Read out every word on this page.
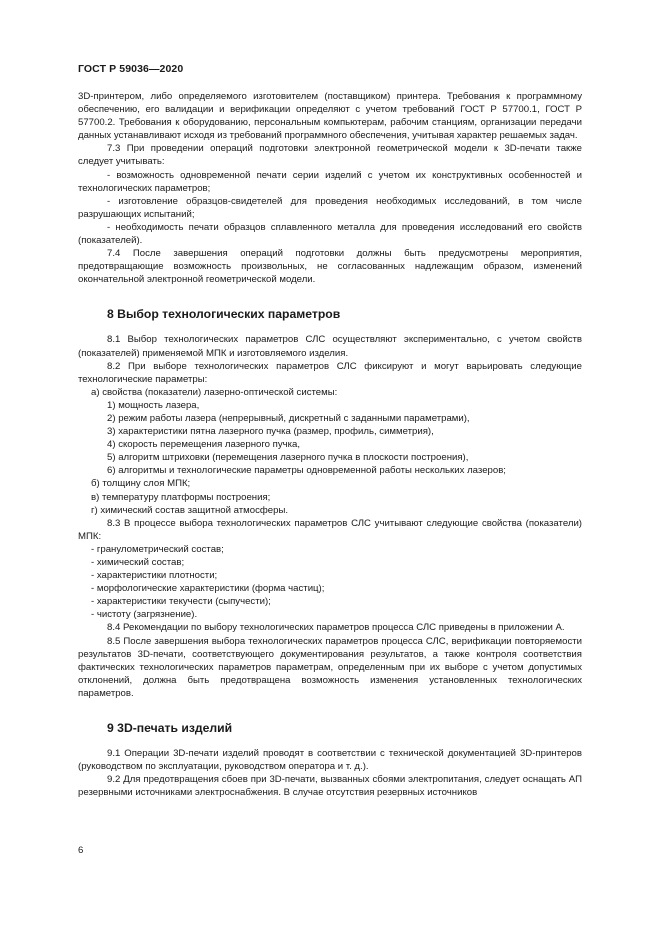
ГОСТ Р 59036—2020

3D-принтером, либо определяемого изготовителем (поставщиком) принтера. Требования к программному обеспечению, его валидации и верификации определяют с учетом требований ГОСТ Р 57700.1, ГОСТ Р 57700.2. Требования к оборудованию, персональным компьютерам, рабочим станциям, организации передачи данных устанавливают исходя из требований программного обеспечения, учитывая характер решаемых задач.

7.3 При проведении операций подготовки электронной геометрической модели к 3D-печати также следует учитывать:

- возможность одновременной печати серии изделий с учетом их конструктивных особенностей и технологических параметров;

- изготовление образцов-свидетелей для проведения необходимых исследований, в том числе разрушающих испытаний;

- необходимость печати образцов сплавленного металла для проведения исследований его свойств (показателей).

7.4 После завершения операций подготовки должны быть предусмотрены мероприятия, предотвращающие возможность произвольных, не согласованных надлежащим образом, изменений окончательной электронной геометрической модели.

8 Выбор технологических параметров

8.1 Выбор технологических параметров СЛС осуществляют экспериментально, с учетом свойств (показателей) применяемой МПК и изготовляемого изделия.

8.2 При выборе технологических параметров СЛС фиксируют и могут варьировать следующие технологические параметры:

а) свойства (показатели) лазерно-оптической системы:

1) мощность лазера,

2) режим работы лазера (непрерывный, дискретный с заданными параметрами),

3) характеристики пятна лазерного пучка (размер, профиль, симметрия),

4) скорость перемещения лазерного пучка,

5) алгоритм штриховки (перемещения лазерного пучка в плоскости построения),

6) алгоритмы и технологические параметры одновременной работы нескольких лазеров;

б) толщину слоя МПК;

в) температуру платформы построения;

г) химический состав защитной атмосферы.

8.3 В процессе выбора технологических параметров СЛС учитывают следующие свойства (показатели) МПК:

- гранулометрический состав;

- химический состав;

- характеристики плотности;

- морфологические характеристики (форма частиц);

- характеристики текучести (сыпучести);

- чистоту (загрязнение).

8.4 Рекомендации по выбору технологических параметров процесса СЛС приведены в приложении А.

8.5 После завершения выбора технологических параметров процесса СЛС, верификации повторяемости результатов 3D-печати, соответствующего документирования результатов, а также контроля соответствия фактических технологических параметров параметрам, определенным при их выборе с учетом допустимых отклонений, должна быть предотвращена возможность изменения установленных технологических параметров.

9 3D-печать изделий

9.1 Операции 3D-печати изделий проводят в соответствии с технической документацией 3D-принтеров (руководством по эксплуатации, руководством оператора и т. д.).

9.2 Для предотвращения сбоев при 3D-печати, вызванных сбоями электропитания, следует оснащать АП резервными источниками электроснабжения. В случае отсутствия резервных источников

6
